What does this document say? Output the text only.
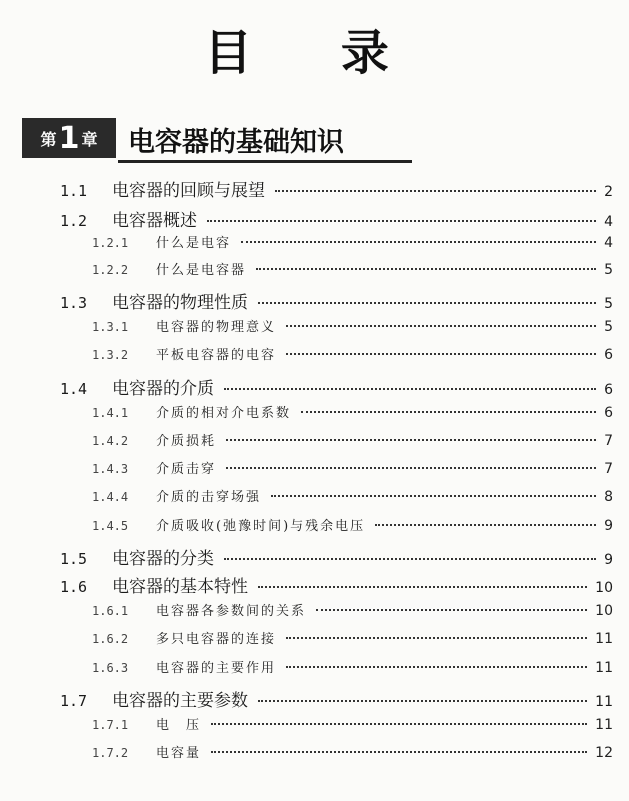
目 录
第 1 章 电容器的基础知识
1.1	电容器的回顾与展望	2
1.2	电容器概述	4
1.2.1	什么是电容	4
1.2.2	什么是电容器	5
1.3	电容器的物理性质	5
1.3.1	电容器的物理意义	5
1.3.2	平板电容器的电容	6
1.4	电容器的介质	6
1.4.1	介质的相对介电系数	6
1.4.2	介质损耗	7
1.4.3	介质击穿	7
1.4.4	介质的击穿场强	8
1.4.5	介质吸收(弛豫时间)与残余电压	9
1.5	电容器的分类	9
1.6	电容器的基本特性	10
1.6.1	电容器各参数间的关系	10
1.6.2	多只电容器的连接	11
1.6.3	电容器的主要作用	11
1.7	电容器的主要参数	11
1.7.1	电　压	11
1.7.2	电容量	12
